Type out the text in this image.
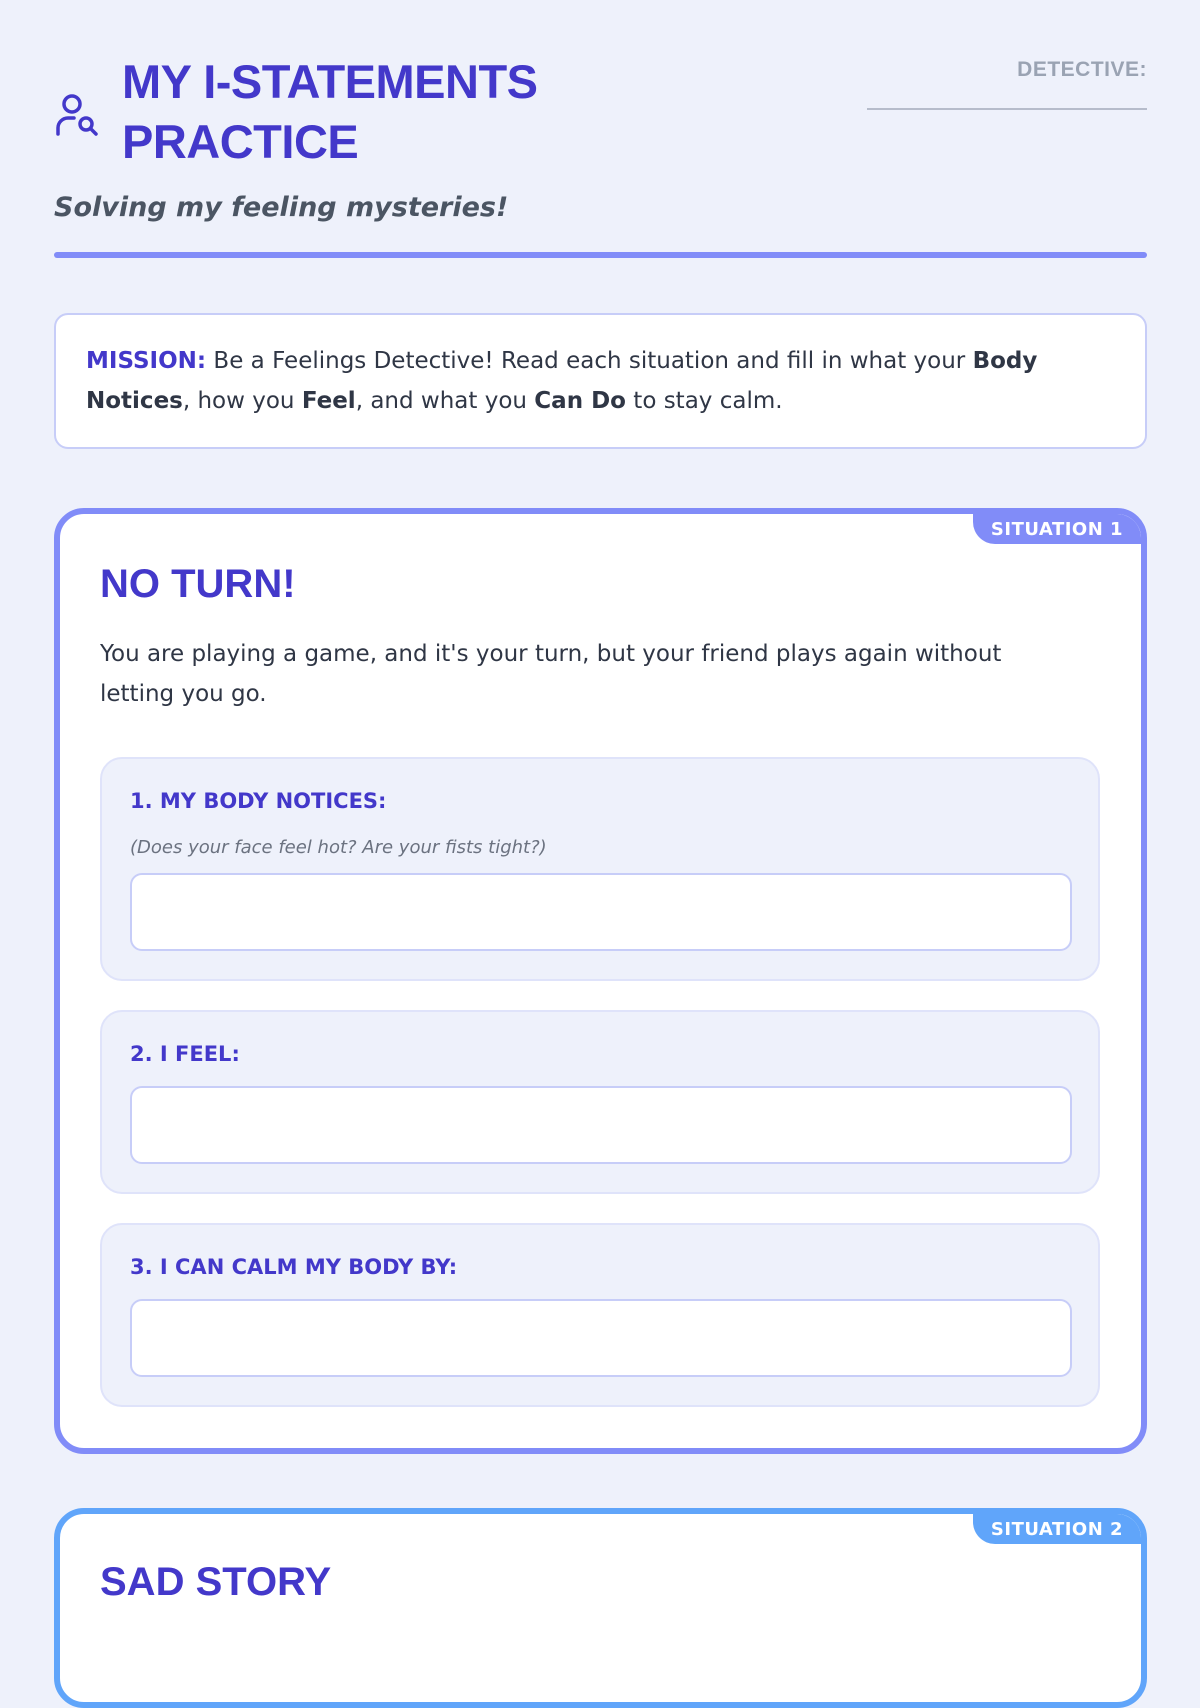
MY I-STATEMENTS PRACTICE
Solving my feeling mysteries!
DETECTIVE:
MISSION: Be a Feelings Detective! Read each situation and fill in what your Body Notices, how you Feel, and what you Can Do to stay calm.
SITUATION 1
NO TURN!
You are playing a game, and it's your turn, but your friend plays again without letting you go.
1. MY BODY NOTICES:
(Does your face feel hot? Are your fists tight?)
2. I FEEL:
3. I CAN CALM MY BODY BY:
SITUATION 2
SAD STORY
